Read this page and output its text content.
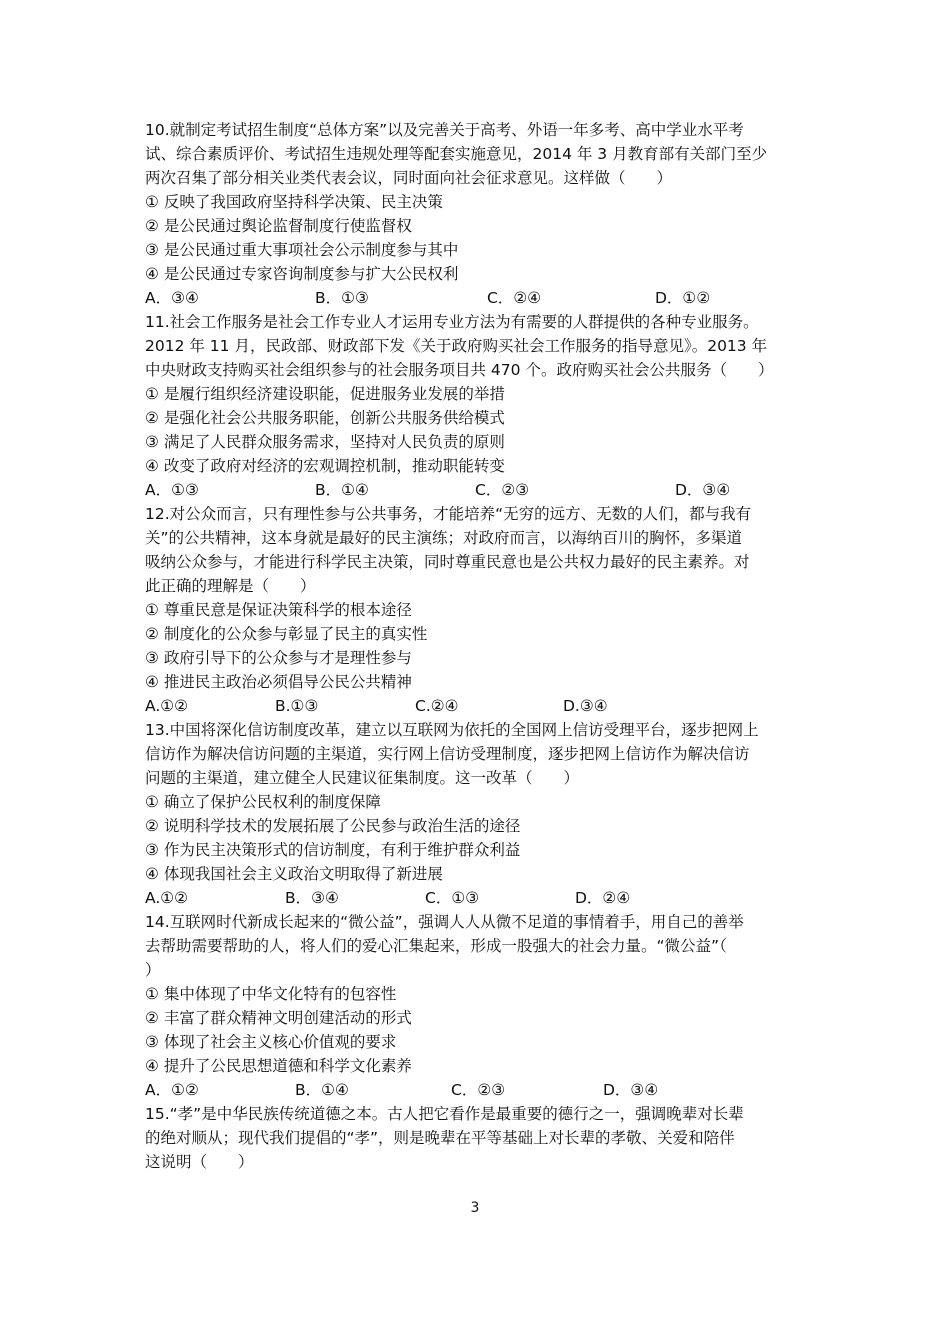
10.就制定考试招生制度“总体方案”以及完善关于高考、外语一年多考、高中学业水平考
试、综合素质评价、考试招生违规处理等配套实施意见，2014 年 3 月教育部有关部门至少
两次召集了部分相关业类代表会议，同时面向社会征求意见。这样做（　　）
① 反映了我国政府坚持科学决策、民主决策
② 是公民通过舆论监督制度行使监督权
③ 是公民通过重大事项社会公示制度参与其中
④ 是公民通过专家咨询制度参与扩大公民权利
A．③④	B．①③	C．②④	D．①②
11.社会工作服务是社会工作专业人才运用专业方法为有需要的人群提供的各种专业服务。
2012 年 11 月，民政部、财政部下发《关于政府购买社会工作服务的指导意见》。2013 年
中央财政支持购买社会组织参与的社会服务项目共 470 个。政府购买社会公共服务（　　）
① 是履行组织经济建设职能，促进服务业发展的举措
② 是强化社会公共服务职能，创新公共服务供给模式
③ 满足了人民群众服务需求，坚持对人民负责的原则
④ 改变了政府对经济的宏观调控机制，推动职能转变
A．①③	B．①④	C．②③	D．③④
12.对公众而言，只有理性参与公共事务，才能培养“无穷的远方、无数的人们，都与我有
关”的公共精神，这本身就是最好的民主演练；对政府而言，以海纳百川的胸怀，多渠道
吸纳公众参与，才能进行科学民主决策，同时尊重民意也是公共权力最好的民主素养。对
此正确的理解是（　　）
① 尊重民意是保证决策科学的根本途径
② 制度化的公众参与彰显了民主的真实性
③ 政府引导下的公众参与才是理性参与
④ 推进民主政治必须倡导公民公共精神
A.①②	B.①③	C.②④	D.③④
13.中国将深化信访制度改革，建立以互联网为依托的全国网上信访受理平台，逐步把网上
信访作为解决信访问题的主渠道，实行网上信访受理制度，逐步把网上信访作为解决信访
问题的主渠道，建立健全人民建议征集制度。这一改革（　　）
① 确立了保护公民权利的制度保障
② 说明科学技术的发展拓展了公民参与政治生活的途径
③ 作为民主决策形式的信访制度，有利于维护群众利益
④ 体现我国社会主义政治文明取得了新进展
A.①②	B．③④	C．①③	D．②④
14.互联网时代新成长起来的“微公益”，强调人人从微不足道的事情着手，用自己的善举
去帮助需要帮助的人，将人们的爱心汇集起来，形成一股强大的社会力量。“微公益”（
）
① 集中体现了中华文化特有的包容性
② 丰富了群众精神文明创建活动的形式
③ 体现了社会主义核心价值观的要求
④ 提升了公民思想道德和科学文化素养
A．①②	B．①④	C．②③	D．③④
15.“孝”是中华民族传统道德之本。古人把它看作是最重要的德行之一，强调晚辈对长辈
的绝对顺从；现代我们提倡的“孝”，则是晚辈在平等基础上对长辈的孝敬、关爱和陪伴
这说明（　　）
3
